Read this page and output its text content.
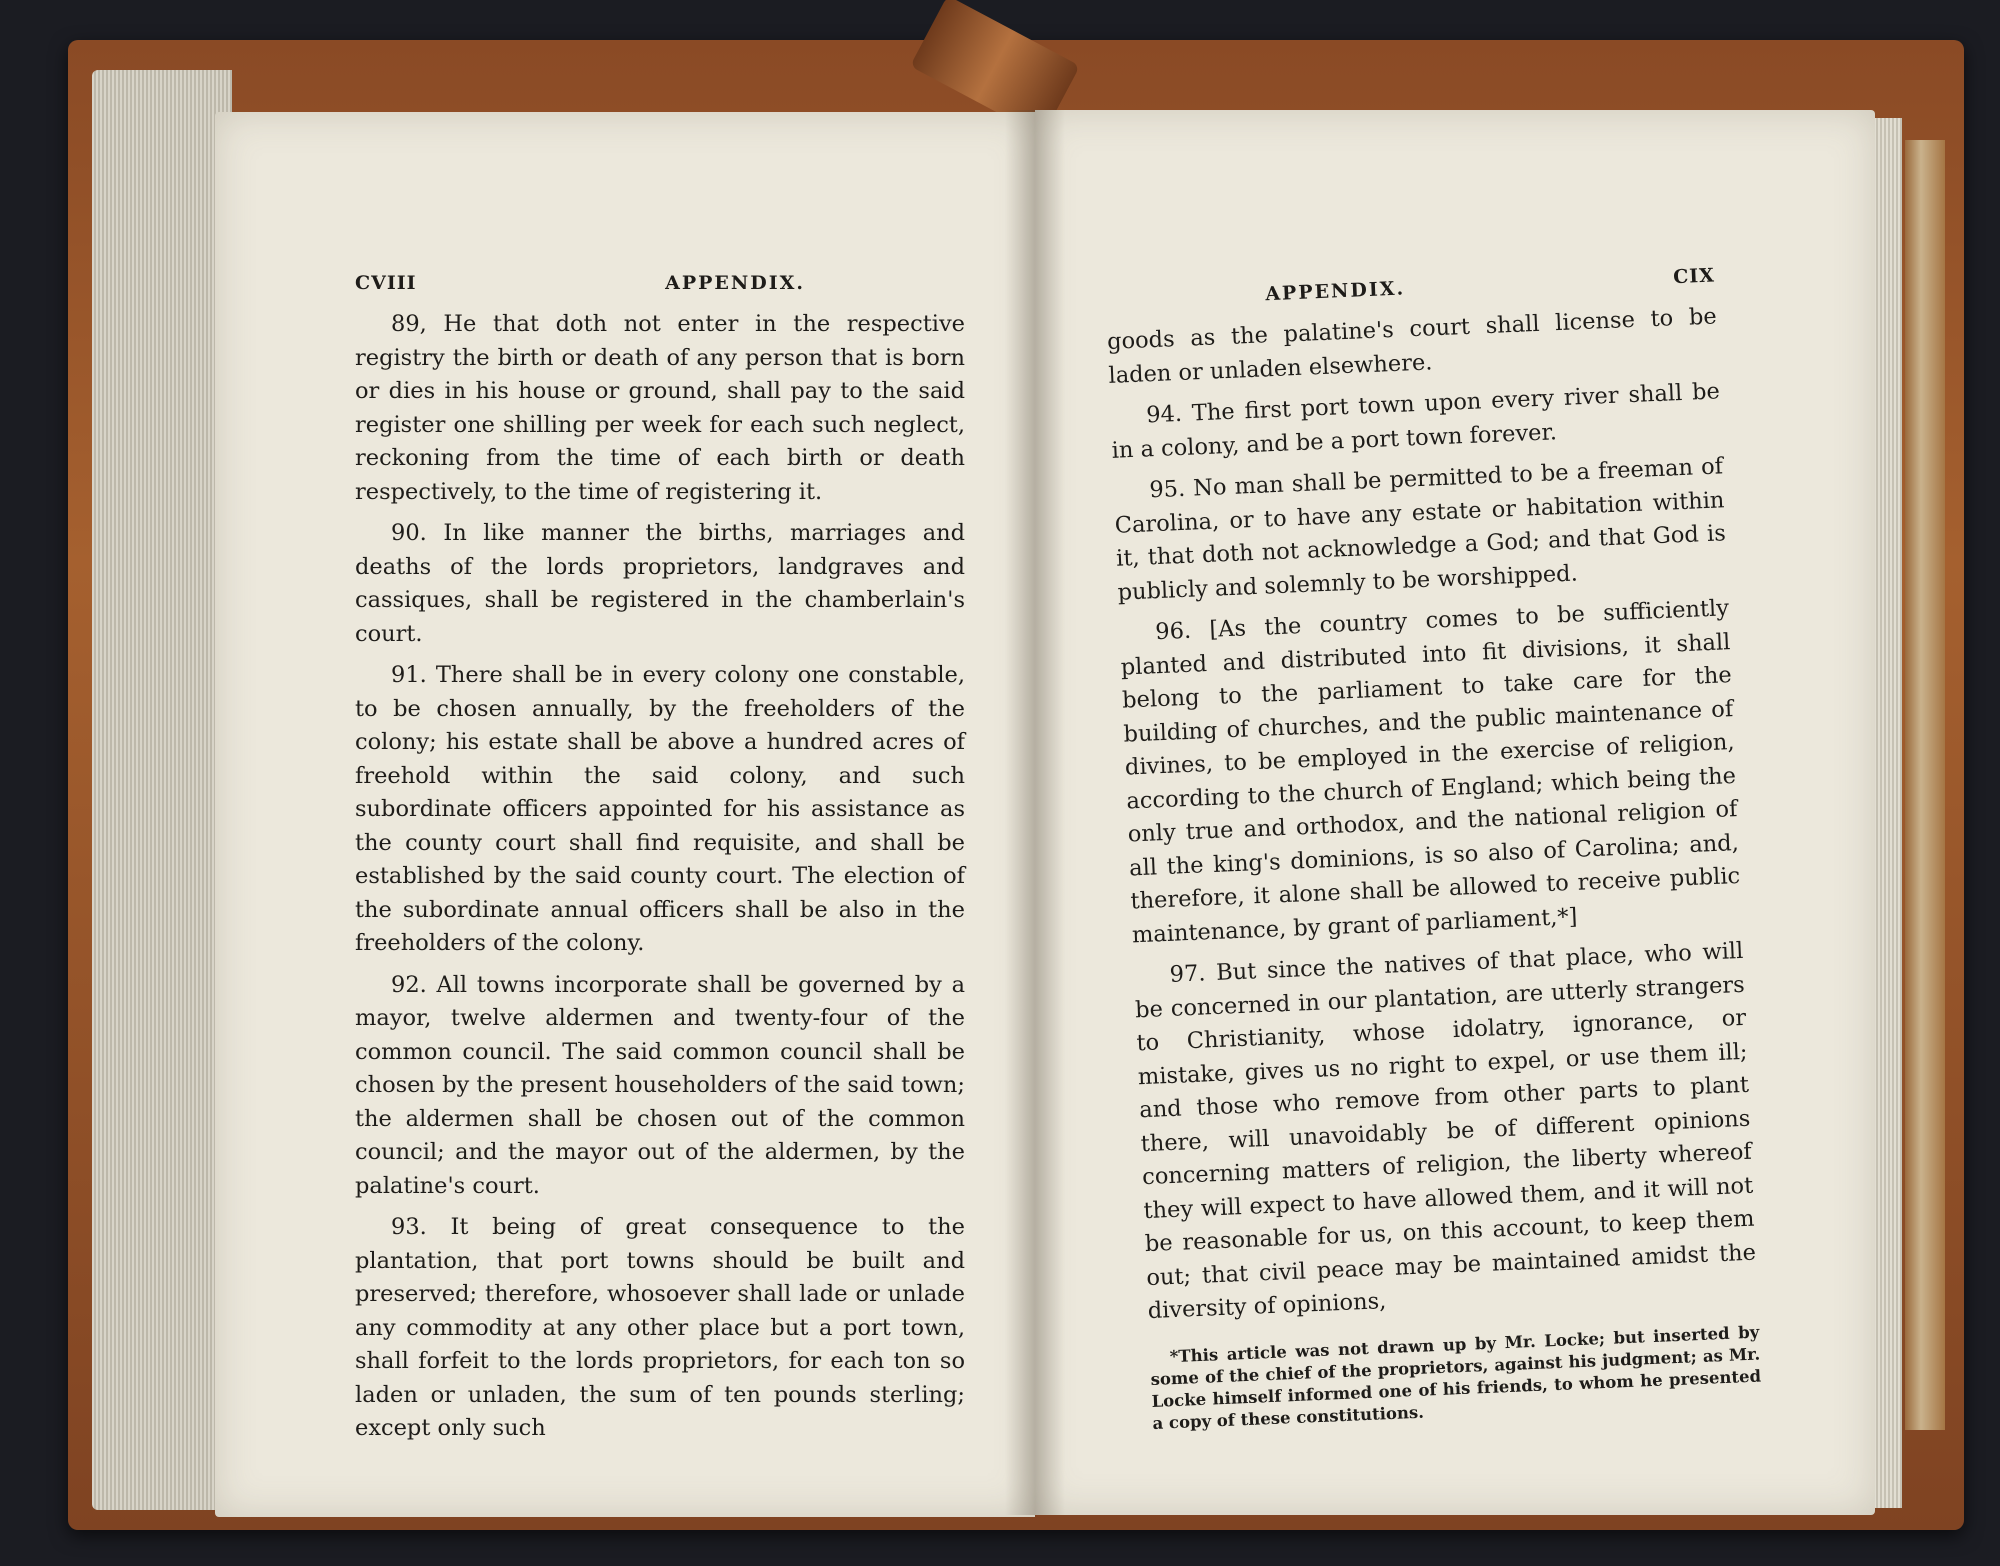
CVIII	APPENDIX.

89, He that doth not enter in the respective registry the birth or death of any person that is born or dies in his house or ground, shall pay to the said register one shilling per week for each such neglect, reckoning from the time of each birth or death respectively, to the time of registering it.

90. In like manner the births, marriages and deaths of the lords proprietors, landgraves and cassiques, shall be registered in the chamberlain's court.

91. There shall be in every colony one constable, to be chosen annually, by the freeholders of the colony; his estate shall be above a hundred acres of freehold within the said colony, and such subordinate officers appointed for his assistance as the county court shall find requisite, and shall be established by the said county court. The election of the subordinate annual officers shall be also in the freeholders of the colony.

92. All towns incorporate shall be governed by a mayor, twelve aldermen and twenty-four of the common council. The said common council shall be chosen by the present householders of the said town; the aldermen shall be chosen out of the common council; and the mayor out of the aldermen, by the palatine's court.

93. It being of great consequence to the plantation, that port towns should be built and preserved; therefore, whosoever shall lade or unlade any commodity at any other place but a port town, shall forfeit to the lords proprietors, for each ton so laden or unladen, the sum of ten pounds sterling; except only such

APPENDIX.
CIX

goods as the palatine's court shall license to be laden or unladen elsewhere.

94. The first port town upon every river shall be in a colony, and be a port town forever.

95. No man shall be permitted to be a freeman of Carolina, or to have any estate or habitation within it, that doth not acknowledge a God; and that God is publicly and solemnly to be worshipped.

96. [As the country comes to be sufficiently planted and distributed into fit divisions, it shall belong to the parliament to take care for the building of churches, and the public maintenance of divines, to be employed in the exercise of religion, according to the church of England; which being the only true and orthodox, and the national religion of all the king's dominions, is so also of Carolina; and, therefore, it alone shall be allowed to receive public maintenance, by grant of parliament,*]

97. But since the natives of that place, who will be concerned in our plantation, are utterly strangers to Christianity, whose idolatry, ignorance, or mistake, gives us no right to expel, or use them ill; and those who remove from other parts to plant there, will unavoidably be of different opinions concerning matters of religion, the liberty whereof they will expect to have allowed them, and it will not be reasonable for us, on this account, to keep them out; that civil peace may be maintained amidst the diversity of opinions,

*This article was not drawn up by Mr. Locke; but inserted by some of the chief of the proprietors, against his judgment; as Mr. Locke himself informed one of his friends, to whom he presented a copy of these constitutions.
